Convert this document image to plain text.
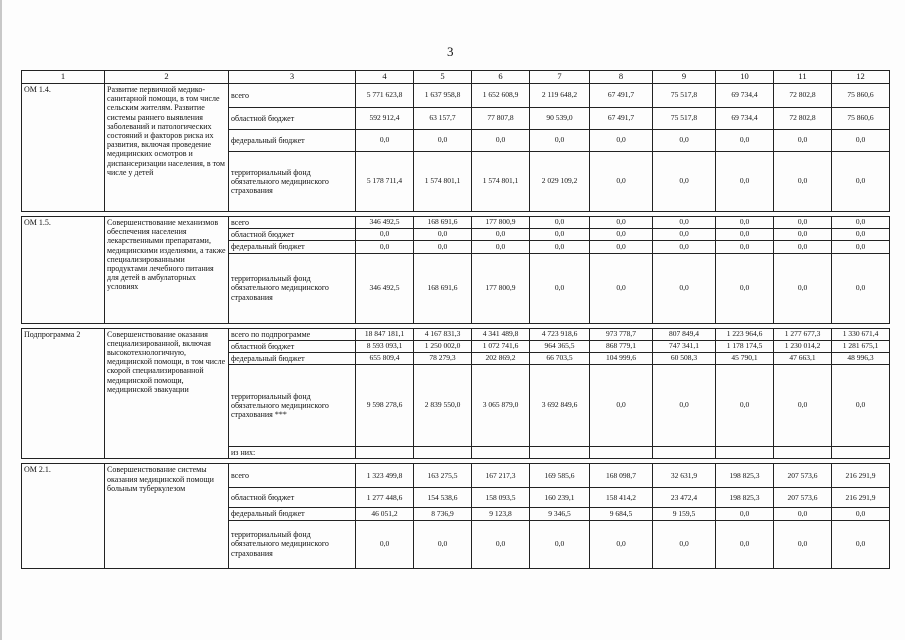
3
1	2	3	4	5	6	7	8	9	10	11	12
ОМ 1.4.	Развитие первичной медико-санитарной помощи, в том числе сельским жителям. Развитие системы раннего выявления заболеваний и патологических состояний и факторов риска их развития, включая проведение медицинских осмотров и диспансеризации населения, в том числе у детей	всего	5 771 623,8	1 637 958,8	1 652 608,9	2 119 648,2	67 491,7	75 517,8	69 734,4	72 802,8	75 860,6
		областной бюджет	592 912,4	63 157,7	77 807,8	90 539,0	67 491,7	75 517,8	69 734,4	72 802,8	75 860,6
		федеральный бюджет	0,0	0,0	0,0	0,0	0,0	0,0	0,0	0,0	0,0
		территориальный фонд обязательного медицинского страхования	5 178 711,4	1 574 801,1	1 574 801,1	2 029 109,2	0,0	0,0	0,0	0,0	0,0

ОМ 1.5.	Совершенствование механизмов обеспечения населения лекарственными препаратами, медицинскими изделиями, а также специализированными продуктами лечебного питания для детей в амбулаторных условиях	всего	346 492,5	168 691,6	177 800,9	0,0	0,0	0,0	0,0	0,0	0,0
		областной бюджет	0,0	0,0	0,0	0,0	0,0	0,0	0,0	0,0	0,0
		федеральный бюджет	0,0	0,0	0,0	0,0	0,0	0,0	0,0	0,0	0,0
		территориальный фонд обязательного медицинского страхования	346 492,5	168 691,6	177 800,9	0,0	0,0	0,0	0,0	0,0	0,0

Подпрограмма 2	Совершенствование оказания специализированной, включая высокотехнологичную, медицинской помощи, в том числе скорой специализированной медицинской помощи, медицинской эвакуации	всего по подпрограмме	18 847 181,1	4 167 831,3	4 341 489,8	4 723 918,6	973 778,7	807 849,4	1 223 964,6	1 277 677,3	1 330 671,4
		областной бюджет	8 593 093,1	1 250 002,0	1 072 741,6	964 365,5	868 779,1	747 341,1	1 178 174,5	1 230 014,2	1 281 675,1
		федеральный бюджет	655 809,4	78 279,3	202 869,2	66 703,5	104 999,6	60 508,3	45 790,1	47 663,1	48 996,3
		территориальный фонд обязательного медицинского страхования ***	9 598 278,6	2 839 550,0	3 065 879,0	3 692 849,6	0,0	0,0	0,0	0,0	0,0
		из них:									

ОМ 2.1.	Совершенствование системы оказания медицинской помощи больным туберкулезом	всего	1 323 499,8	163 275,5	167 217,3	169 585,6	168 098,7	32 631,9	198 825,3	207 573,6	216 291,9
		областной бюджет	1 277 448,6	154 538,6	158 093,5	160 239,1	158 414,2	23 472,4	198 825,3	207 573,6	216 291,9
		федеральный бюджет	46 051,2	8 736,9	9 123,8	9 346,5	9 684,5	9 159,5	0,0	0,0	0,0
		территориальный фонд обязательного медицинского страхования	0,0	0,0	0,0	0,0	0,0	0,0	0,0	0,0	0,0
